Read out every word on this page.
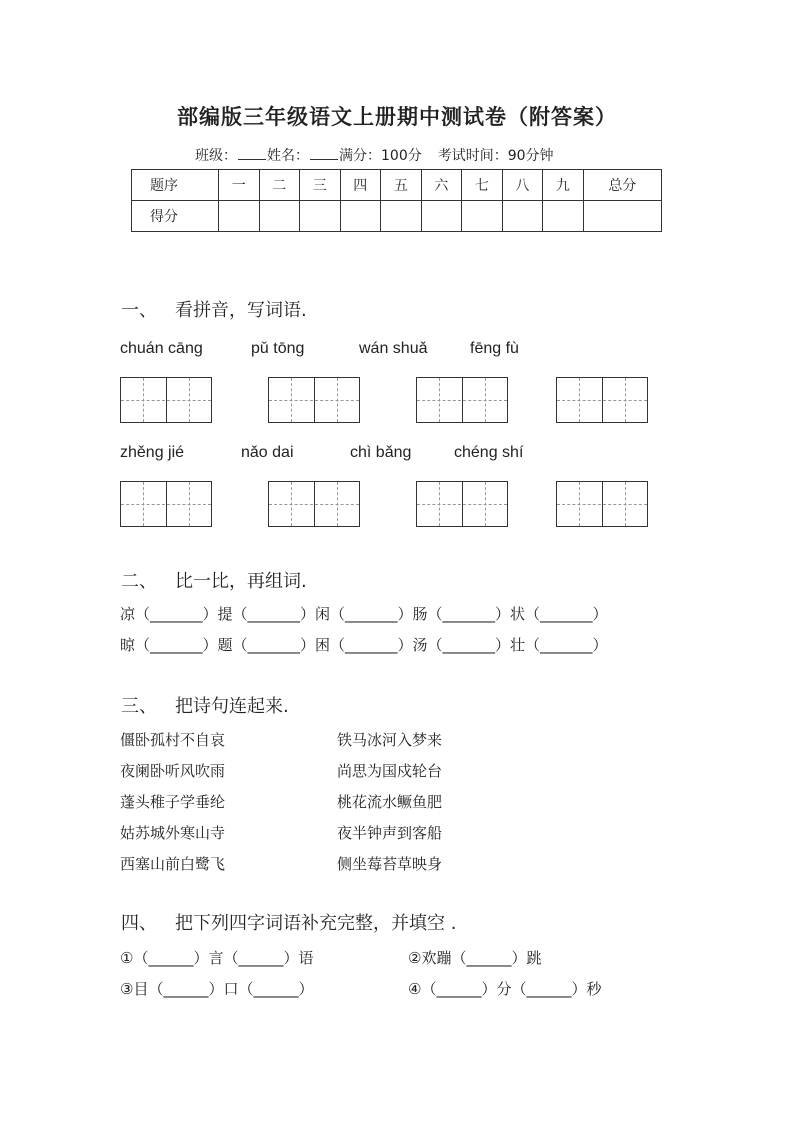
部编版三年级语文上册期中测试卷（附答案）
班级： 姓名： 满分：100分 考试时间：90分钟
题序	一	二	三	四	五	六	七	八	九	总分
得分										
一、 看拼音，写词语.
chuán cāng	pǔ tōng	wán shuǎ	fēng fù
zhěng jié	nǎo dai	chì bǎng	chéng shí
二、 比一比，再组词.
凉（_______）提（_______）闲（_______）肠（_______）状（_______）
晾（_______）题（_______）困（_______）汤（_______）壮（_______）
三、 把诗句连起来.
僵卧孤村不自哀
夜阑卧听风吹雨
蓬头稚子学垂纶
姑苏城外寒山寺
西塞山前白鹭飞
铁马冰河入梦来
尚思为国戍轮台
桃花流水鳜鱼肥
夜半钟声到客船
侧坐莓苔草映身
四、 把下列四字词语补充完整，并填空 .
①（______）言（______）语	②欢蹦（______）跳
③目（______）口（______）	④（______）分（______）秒
